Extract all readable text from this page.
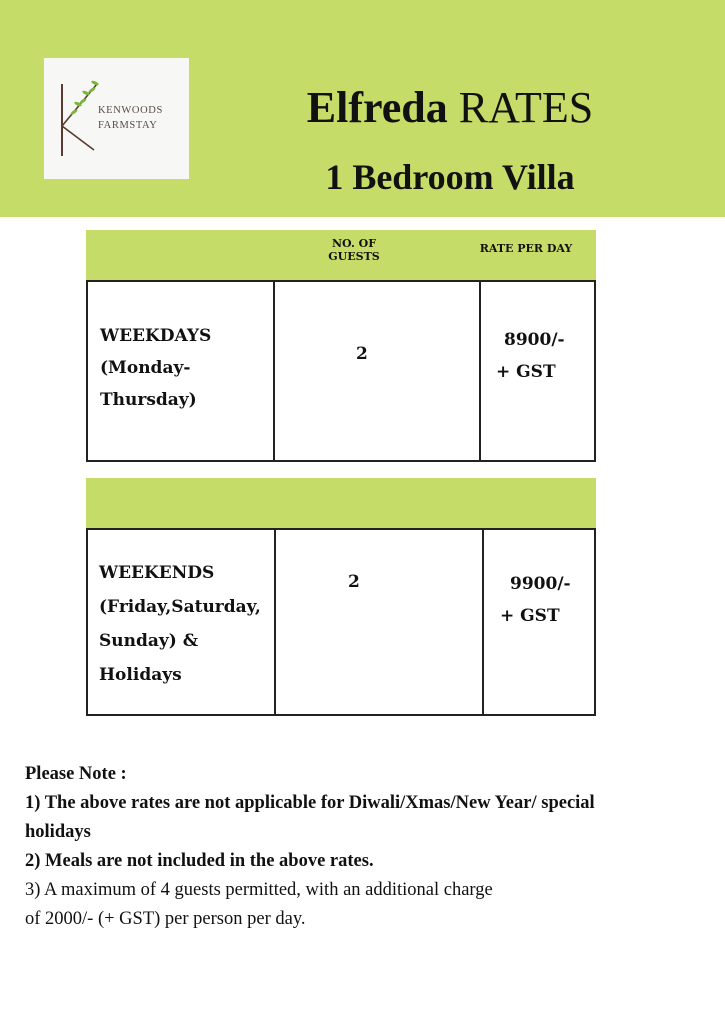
KENWOODS
FARMSTAY	Elfreda RATES
1 Bedroom Villa
NO. OF
GUESTS
RATE PER DAY
WEEKDAYS
(Monday-
Thursday)
2
8900/-
+ GST
WEEKENDS
(Friday,Saturday,
Sunday) &
Holidays
2	9900/-
+ GST
Please Note :
1) The above rates are not applicable for Diwali/Xmas/New Year/ special
holidays
2) Meals are not included in the above rates.
3) A maximum of 4 guests permitted, with an additional charge
of 2000/- (+ GST) per person per day.
